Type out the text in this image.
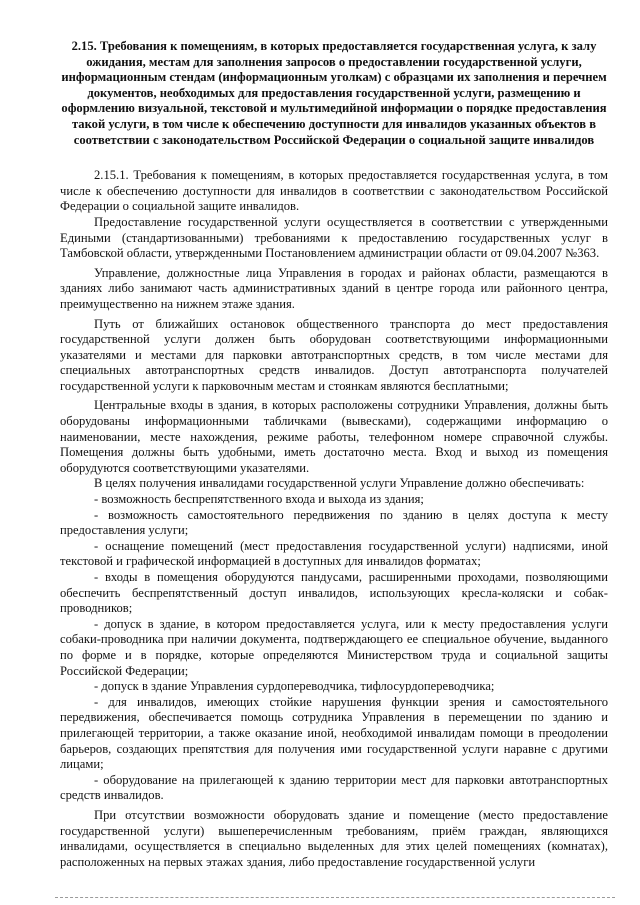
2.15. Требования к помещениям, в которых предоставляется государственная услуга, к залу ожидания, местам для заполнения запросов о предоставлении государственной услуги, информационным стендам (информационным уголкам) с образцами их заполнения и перечнем документов, необходимых для предоставления государственной услуги, размещению и оформлению визуальной, текстовой и мультимедийной информации о порядке предоставления такой услуги, в том числе к обеспечению доступности для инвалидов указанных объектов в соответствии с законодательством Российской Федерации о социальной защите инвалидов

2.15.1. Требования к помещениям, в которых предоставляется государственная услуга, в том числе к обеспечению доступности для инвалидов в соответствии с законодательством Российской Федерации о социальной защите инвалидов.

Предоставление государственной услуги осуществляется в соответствии с утвержденными Едиными (стандартизованными) требованиями к предоставлению государственных услуг в Тамбовской области, утвержденными Постановлением администрации области от 09.04.2007 №363.

Управление, должностные лица Управления в городах и районах области, размещаются в зданиях либо занимают часть административных зданий в центре города или районного центра, преимущественно на нижнем этаже здания.

Путь от ближайших остановок общественного транспорта до мест предоставления государственной услуги должен быть оборудован соответствующими информационными указателями и местами для парковки автотранспортных средств, в том числе местами для специальных автотранспортных средств инвалидов. Доступ автотранспорта получателей государственной услуги к парковочным местам и стоянкам являются бесплатными;

Центральные входы в здания, в которых расположены сотрудники Управления, должны быть оборудованы информационными табличками (вывесками), содержащими информацию о наименовании, месте нахождения, режиме работы, телефонном номере справочной службы. Помещения должны быть удобными, иметь достаточно места. Вход и выход из помещения оборудуются соответствующими указателями.

В целях получения инвалидами государственной услуги Управление должно обеспечивать:

- возможность беспрепятственного входа и выхода из здания;

- возможность самостоятельного передвижения по зданию в целях доступа к месту предоставления услуги;

- оснащение помещений (мест предоставления государственной услуги) надписями, иной текстовой и графической информацией в доступных для инвалидов форматах;

- входы в помещения оборудуются пандусами, расширенными проходами, позволяющими обеспечить беспрепятственный доступ инвалидов, использующих кресла-коляски и собак-проводников;

- допуск в здание, в котором предоставляется услуга, или к месту предоставления услуги собаки-проводника при наличии документа, подтверждающего ее специальное обучение, выданного по форме и в порядке, которые определяются Министерством труда и социальной защиты Российской Федерации;

- допуск в здание Управления сурдопереводчика, тифлосурдопереводчика;

- для инвалидов, имеющих стойкие нарушения функции зрения и самостоятельного передвижения, обеспечивается помощь сотрудника Управления в перемещении по зданию и прилегающей территории, а также оказание иной, необходимой инвалидам помощи в преодолении барьеров, создающих препятствия для получения ими государственной услуги наравне с другими лицами;

- оборудование на прилегающей к зданию территории мест для парковки автотранспортных средств инвалидов.

При отсутствии возможности оборудовать здание и помещение (место предоставление государственной услуги) вышеперечисленным требованиям, приём граждан, являющихся инвалидами, осуществляется в специально выделенных для этих целей помещениях (комнатах), расположенных на первых этажах здания, либо предоставление государственной услуги
